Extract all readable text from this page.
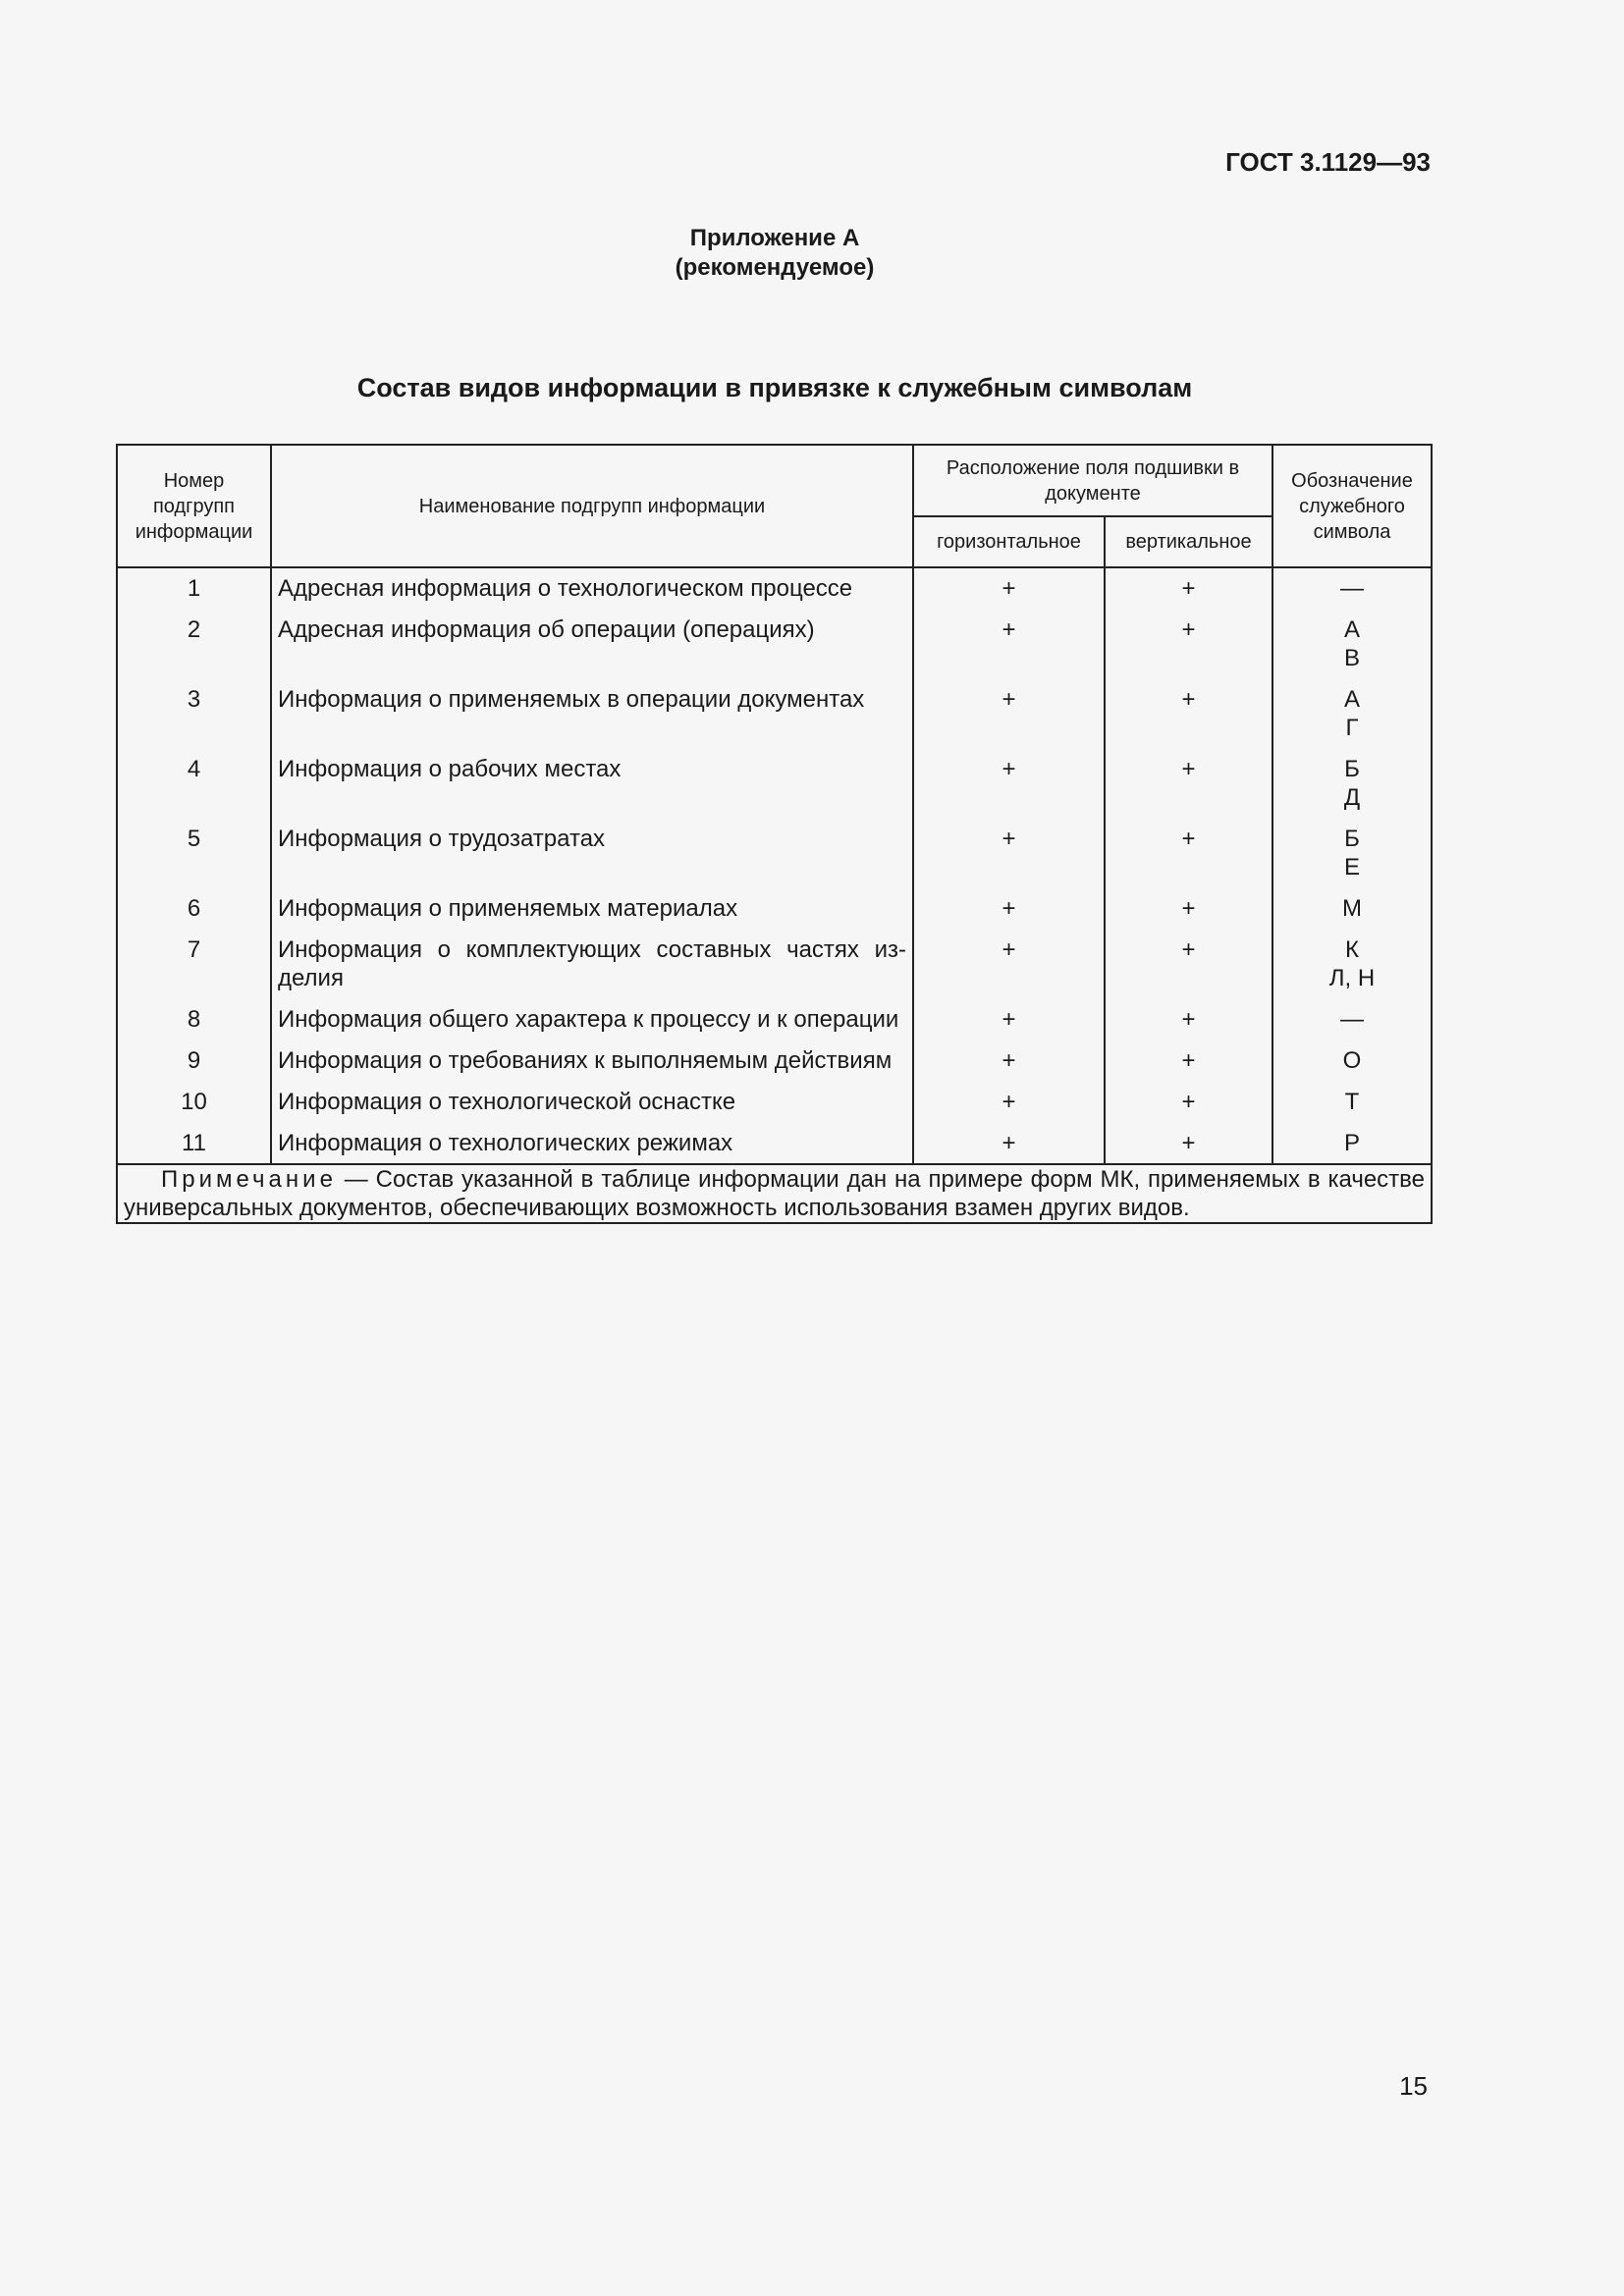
ГОСТ 3.1129—93
Приложение А
(рекомендуемое)
Состав видов информации в привязке к служебным символам
Номер подгрупп информации	Наименование подгрупп информации	Расположение поля подшивки в документе		Обозначение служебного символа
		горизонтальное	вертикальное	
1	Адресная информация о технологическом процессе	+	+	—

2	Адресная информация об операции (операциях)	+	+	А
В

3	Информация о применяемых в операции документах	+	+	А
Г

4	Информация о рабочих местах	+	+	Б
Д

5	Информация о трудозатратах	+	+	Б
Е

6	Информация о применяемых материалах	+	+	М

7	Информация о комплектующих составных частях изделия	+	+	К
Л, Н

8	Информация общего характера к процессу и к операции	+	+	—

9	Информация о требованиях к выполняемым действиям	+	+	О

10	Информация о технологической оснастке	+	+	Т

11	Информация о технологических режимах	+	+	Р

Примечание — Состав указанной в таблице информации дан на примере форм МК, применяемых в качестве универсальных документов, обеспечивающих возможность использования взамен других видов.				
15
